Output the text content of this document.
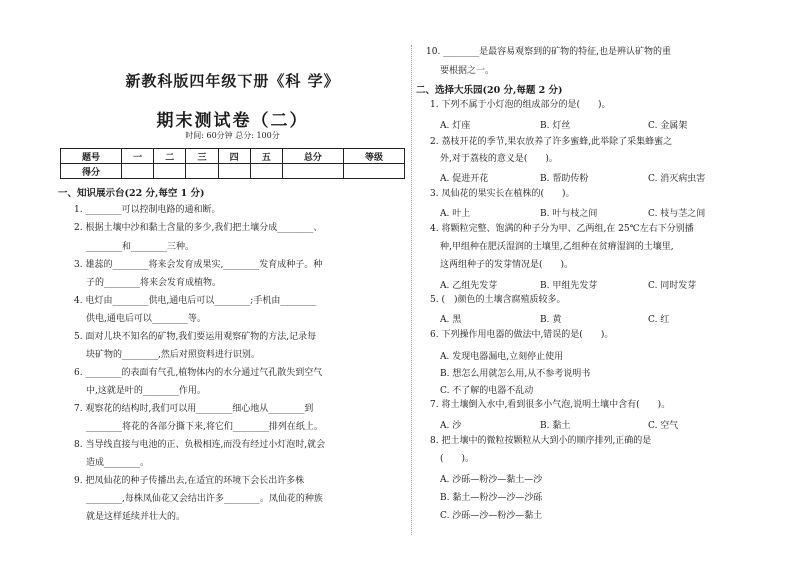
新教科版四年级下册《科 学》
期末测试卷（二）
时间: 60分钟 总分: 100分
题号	一	二	三	四	五	总分	等级
得分							
一、知识展示台(22 分,每空 1 分)
1. ________可以控制电路的通和断。
2. 根据土壤中沙和黏土含量的多少,我们把土壤分成________、
________和________三种。
3. 雄蕊的________将来会发育成果实,________发育成种子。种
子的________将来会发育成植物。
4. 电灯由________供电,通电后可以________;手机由________
供电,通电后可以________等。
5. 面对儿块不知名的矿物,我们要运用观察矿物的方法,记录每
块矿物的________,然后对照资料进行识别。
6. ________的表面有气孔,植物体内的水分通过气孔散失到空气
中,这就是叶的________作用。
7. 观察花的结构时,我们可以用________细心地从________到
________将花的各部分撕下来,将它们________排列在纸上。
8. 当导线直接与电池的正、负极相连,而没有经过小灯泡时,就会
造成________。
9. 把凤仙花的种子传播出去,在适宜的环境下会长出许多株
________,每株凤仙花又会结出许多________。凤仙花的种族
就是这样延续并壮大的。
10. ________是最容易观察到的矿物的特征,也是辨认矿物的重
要根据之一。
二、选择大乐园(20 分,每题 2 分)
1. 下列不属于小灯泡的组成部分的是(　　)。
A. 灯座	B. 灯丝	C. 金属架
2. 荔枝开花的季节,果农放养了许多蜜蜂,此举除了采集蜂蜜之
外,对于荔枝的意义是(　　)。
A. 促进开花	B. 帮助传粉	C. 消灭病虫害
3. 凤仙花的果实长在植株的(　　)。
A. 叶上	B. 叶与枝之间	C. 枝与茎之间
4. 将颗粒完整、饱满的种子分为甲、乙两组,在 25℃左右下分别播
种,甲组种在肥沃湿润的土壤里,乙组种在贫瘠湿润的土壤里,
这两组种子的发芽情况是(　　)。
A. 乙组先发芽	B. 甲组先发芽	C. 同时发芽
5. (　)颜色的土壤含腐殖质较多。
A. 黑	B. 黄	C. 红
6. 下列操作用电器的做法中,错误的是(　　)。
A. 发现电器漏电,立刻停止使用
B. 想怎么用就怎么用,从不参考说明书
C. 不了解的电器不乱动
7. 将土壤倒入水中,看到很多小气泡,说明土壤中含有(　　)。
A. 沙	B. 黏土	C. 空气
8. 把土壤中的微粒按颗粒从大到小的顺序排列,正确的是
(　　)。
A. 沙砾—粉沙—黏土—沙
B. 黏土—粉沙—沙—沙砾
C. 沙砾—沙—粉沙—黏土
